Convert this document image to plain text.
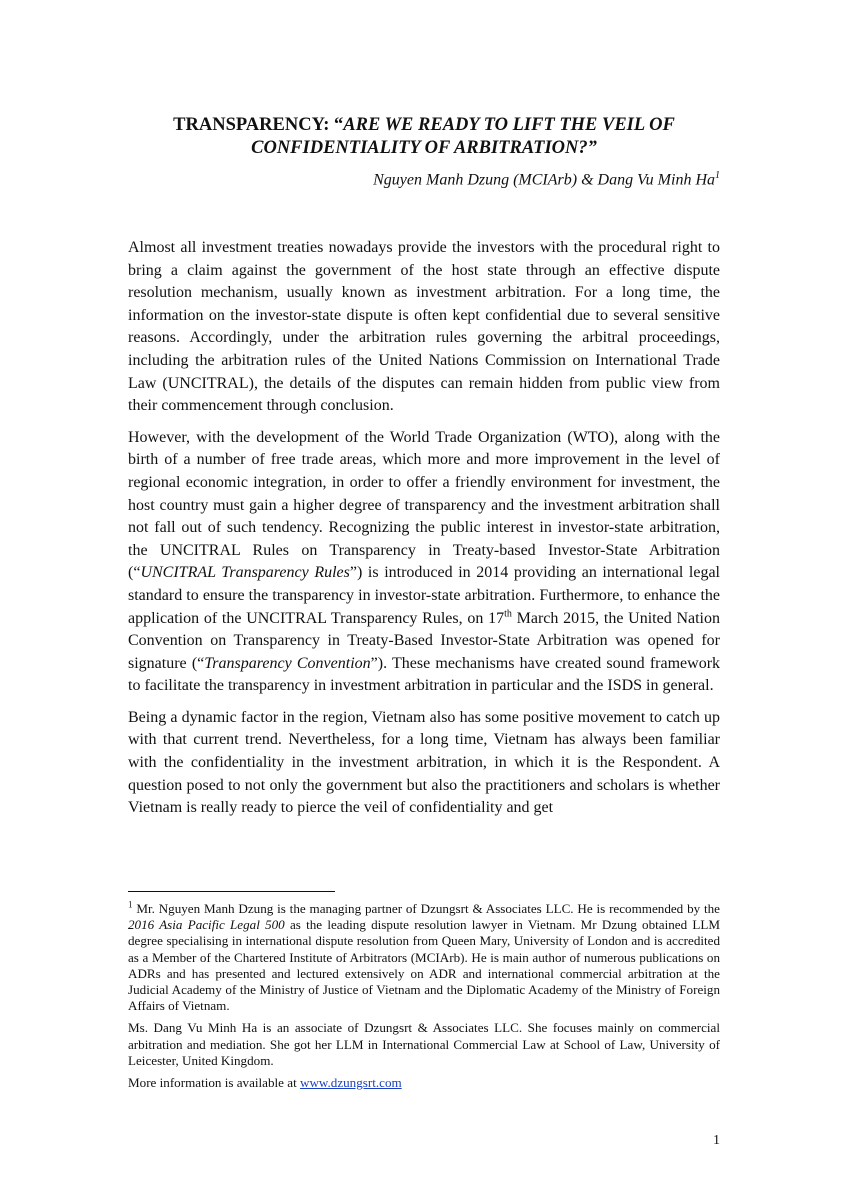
TRANSPARENCY: “ARE WE READY TO LIFT THE VEIL OF CONFIDENTIALITY OF ARBITRATION?”
Nguyen Manh Dzung (MCIArb) & Dang Vu Minh Ha$^1$

Almost all investment treaties nowadays provide the investors with the procedural right to bring a claim against the government of the host state through an effective dispute resolution mechanism, usually known as investment arbitration. For a long time, the information on the investor-state dispute is often kept confidential due to several sensitive reasons. Accordingly, under the arbitration rules governing the arbitral proceedings, including the arbitration rules of the United Nations Commission on International Trade Law (UNCITRAL), the details of the disputes can remain hidden from public view from their commencement through conclusion.

However, with the development of the World Trade Organization (WTO), along with the birth of a number of free trade areas, which more and more improvement in the level of regional economic integration, in order to offer a friendly environment for investment, the host country must gain a higher degree of transparency and the investment arbitration shall not fall out of such tendency. Recognizing the public interest in investor-state arbitration, the UNCITRAL Rules on Transparency in Treaty-based Investor-State Arbitration (“UNCITRAL Transparency Rules”) is introduced in 2014 providing an international legal standard to ensure the transparency in investor-state arbitration. Furthermore, to enhance the application of the UNCITRAL Transparency Rules, on 17th March 2015, the United Nation Convention on Transparency in Treaty-Based Investor-State Arbitration was opened for signature (“Transparency Convention”). These mechanisms have created sound framework to facilitate the transparency in investment arbitration in particular and the ISDS in general.

Being a dynamic factor in the region, Vietnam also has some positive movement to catch up with that current trend. Nevertheless, for a long time, Vietnam has always been familiar with the confidentiality in the investment arbitration, in which it is the Respondent. A question posed to not only the government but also the practitioners and scholars is whether Vietnam is really ready to pierce the veil of confidentiality and get

$^1$ Mr. Nguyen Manh Dzung is the managing partner of Dzungsrt & Associates LLC. He is recommended by the 2016 Asia Pacific Legal 500 as the leading dispute resolution lawyer in Vietnam. Mr Dzung obtained LLM degree specialising in international dispute resolution from Queen Mary, University of London and is accredited as a Member of the Chartered Institute of Arbitrators (MCIArb). He is main author of numerous publications on ADRs and has presented and lectured extensively on ADR and international commercial arbitration at the Judicial Academy of the Ministry of Justice of Vietnam and the Diplomatic Academy of the Ministry of Foreign Affairs of Vietnam.

Ms. Dang Vu Minh Ha is an associate of Dzungsrt & Associates LLC. She focuses mainly on commercial arbitration and mediation. She got her LLM in International Commercial Law at School of Law, University of Leicester, United Kingdom.

More information is available at www.dzungsrt.com

1
